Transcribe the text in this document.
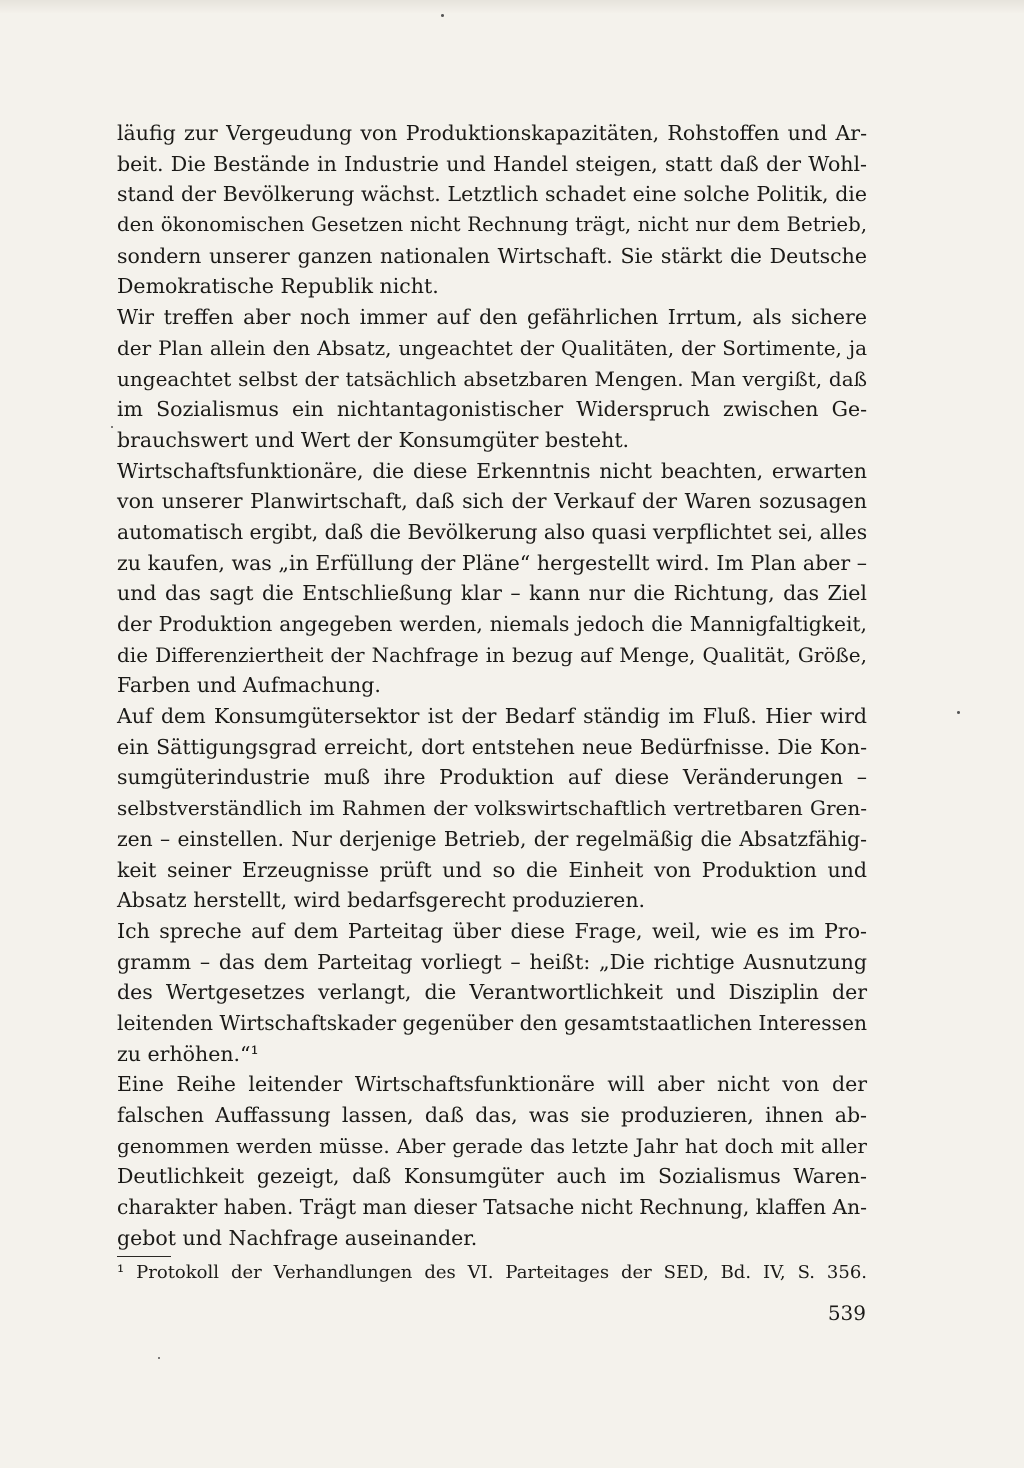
läufig zur Vergeudung von Produktionskapazitäten, Rohstoffen und Ar-
beit. Die Bestände in Industrie und Handel steigen, statt daß der Wohl-
stand der Bevölkerung wächst. Letztlich schadet eine solche Politik, die
den ökonomischen Gesetzen nicht Rechnung trägt, nicht nur dem Betrieb,
sondern unserer ganzen nationalen Wirtschaft. Sie stärkt die Deutsche
Demokratische Republik nicht.
Wir treffen aber noch immer auf den gefährlichen Irrtum, als sichere
der Plan allein den Absatz, ungeachtet der Qualitäten, der Sortimente, ja
ungeachtet selbst der tatsächlich absetzbaren Mengen. Man vergißt, daß
im Sozialismus ein nichtantagonistischer Widerspruch zwischen Ge-
brauchswert und Wert der Konsumgüter besteht.
Wirtschaftsfunktionäre, die diese Erkenntnis nicht beachten, erwarten
von unserer Planwirtschaft, daß sich der Verkauf der Waren sozusagen
automatisch ergibt, daß die Bevölkerung also quasi verpflichtet sei, alles
zu kaufen, was „in Erfüllung der Pläne“ hergestellt wird. Im Plan aber –
und das sagt die Entschließung klar – kann nur die Richtung, das Ziel
der Produktion angegeben werden, niemals jedoch die Mannigfaltigkeit,
die Differenziertheit der Nachfrage in bezug auf Menge, Qualität, Größe,
Farben und Aufmachung.
Auf dem Konsumgütersektor ist der Bedarf ständig im Fluß. Hier wird
ein Sättigungsgrad erreicht, dort entstehen neue Bedürfnisse. Die Kon-
sumgüterindustrie muß ihre Produktion auf diese Veränderungen –
selbstverständlich im Rahmen der volkswirtschaftlich vertretbaren Gren-
zen – einstellen. Nur derjenige Betrieb, der regelmäßig die Absatzfähig-
keit seiner Erzeugnisse prüft und so die Einheit von Produktion und
Absatz herstellt, wird bedarfsgerecht produzieren.
Ich spreche auf dem Parteitag über diese Frage, weil, wie es im Pro-
gramm – das dem Parteitag vorliegt – heißt: „Die richtige Ausnutzung
des Wertgesetzes verlangt, die Verantwortlichkeit und Disziplin der
leitenden Wirtschaftskader gegenüber den gesamtstaatlichen Interessen
zu erhöhen.“¹
Eine Reihe leitender Wirtschaftsfunktionäre will aber nicht von der
falschen Auffassung lassen, daß das, was sie produzieren, ihnen ab-
genommen werden müsse. Aber gerade das letzte Jahr hat doch mit aller
Deutlichkeit gezeigt, daß Konsumgüter auch im Sozialismus Waren-
charakter haben. Trägt man dieser Tatsache nicht Rechnung, klaffen An-
gebot und Nachfrage auseinander.
¹ Protokoll der Verhandlungen des VI. Parteitages der SED, Bd. IV, S. 356.
539
